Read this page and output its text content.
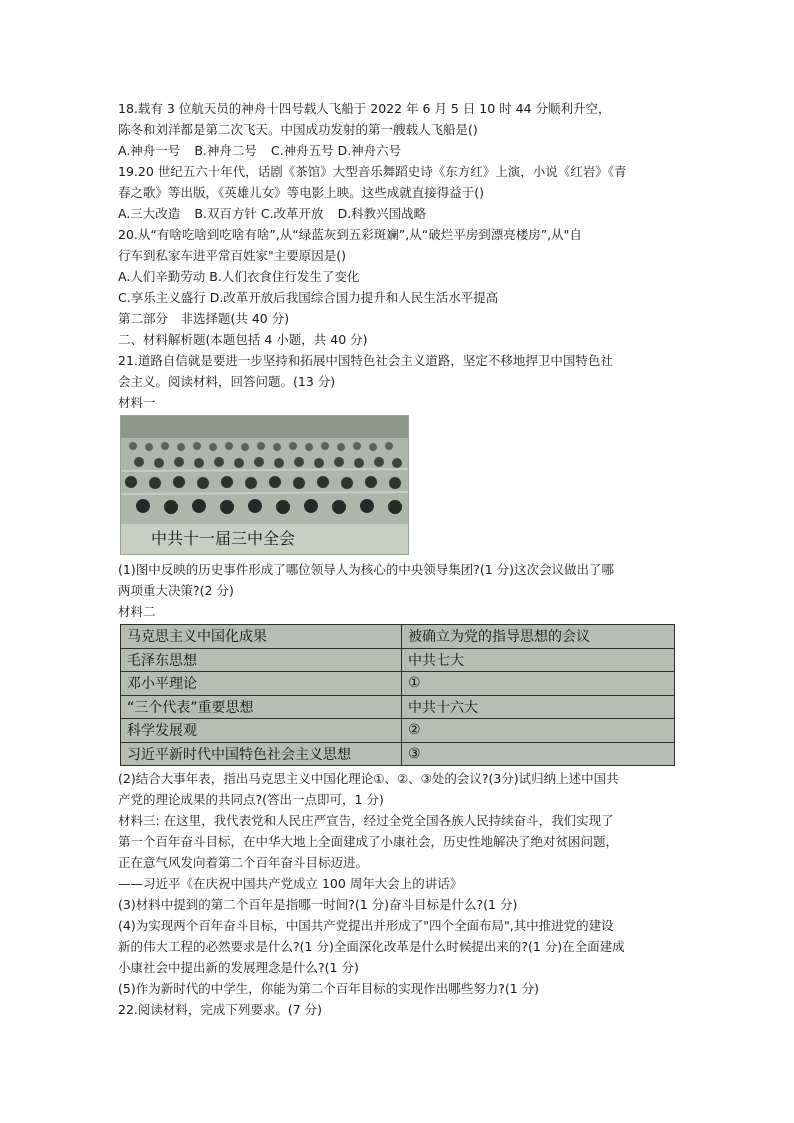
18.载有 3 位航天员的神舟十四号载人飞船于 2022 年 6 月 5 日 10 时 44 分顺利升空，
陈冬和刘洋都是第二次飞天。中国成功发射的第一艘载人飞船是()
A.神舟一号 B.神舟二号 C.神舟五号 D.神舟六号
19.20 世纪五六十年代，话剧《茶馆》大型音乐舞蹈史诗《东方红》上演，小说《红岩》《青
春之歌》等出版，《英雄儿女》等电影上映。这些成就直接得益于()
A.三大改造 B.双百方针 C.改革开放 D.科教兴国战略
20.从“有啥吃啥到吃啥有啥”,从“绿蓝灰到五彩斑斓”,从“破烂平房到漂亮楼房”,从"自
行车到私家车进平常百姓家"主要原因是()
A.人们辛勤劳动 B.人们衣食住行发生了变化
C.享乐主义盛行 D.改革开放后我国综合国力提升和人民生活水平提高
第二部分　非选择题(共 40 分)
二、材料解析题(本题包括 4 小题，共 40 分)
21.道路自信就是要进一步坚持和拓展中国特色社会主义道路，坚定不移地捍卫中国特色社
会主义。阅读材料，回答问题。(13 分)
材料一
中共十一届三中全会
(1)图中反映的历史事件形成了哪位领导人为核心的中央领导集团?(1 分)这次会议做出了哪
两项重大决策?(2 分)
材料二
马克思主义中国化成果	被确立为党的指导思想的会议
毛泽东思想	中共七大
邓小平理论	①
“三个代表”重要思想	中共十六大
科学发展观	②
习近平新时代中国特色社会主义思想	③
(2)结合大事年表，指出马克思主义中国化理论①、②、③处的会议?(3分)试归纳上述中国共
产党的理论成果的共同点?(答出一点即可，1 分)
材料三: 在这里，我代表党和人民庄严宣告，经过全党全国各族人民持续奋斗，我们实现了
第一个百年奋斗目标，在中华大地上全面建成了小康社会，历史性地解决了绝对贫困问题，
正在意气风发向着第二个百年奋斗目标迈进。
——习近平《在庆祝中国共产党成立 100 周年大会上的讲话》
(3)材料中提到的第二个百年是指哪一时间?(1 分)奋斗目标是什么?(1 分)
(4)为实现两个百年奋斗目标，中国共产党提出并形成了"四个全面布局",其中推进党的建设
新的伟大工程的必然要求是什么?(1 分)全面深化改革是什么时候提出来的?(1 分)在全面建成
小康社会中提出新的发展理念是什么?(1 分)
(5)作为新时代的中学生，你能为第二个百年目标的实现作出哪些努力?(1 分)
22.阅读材料，完成下列要求。(7 分)
